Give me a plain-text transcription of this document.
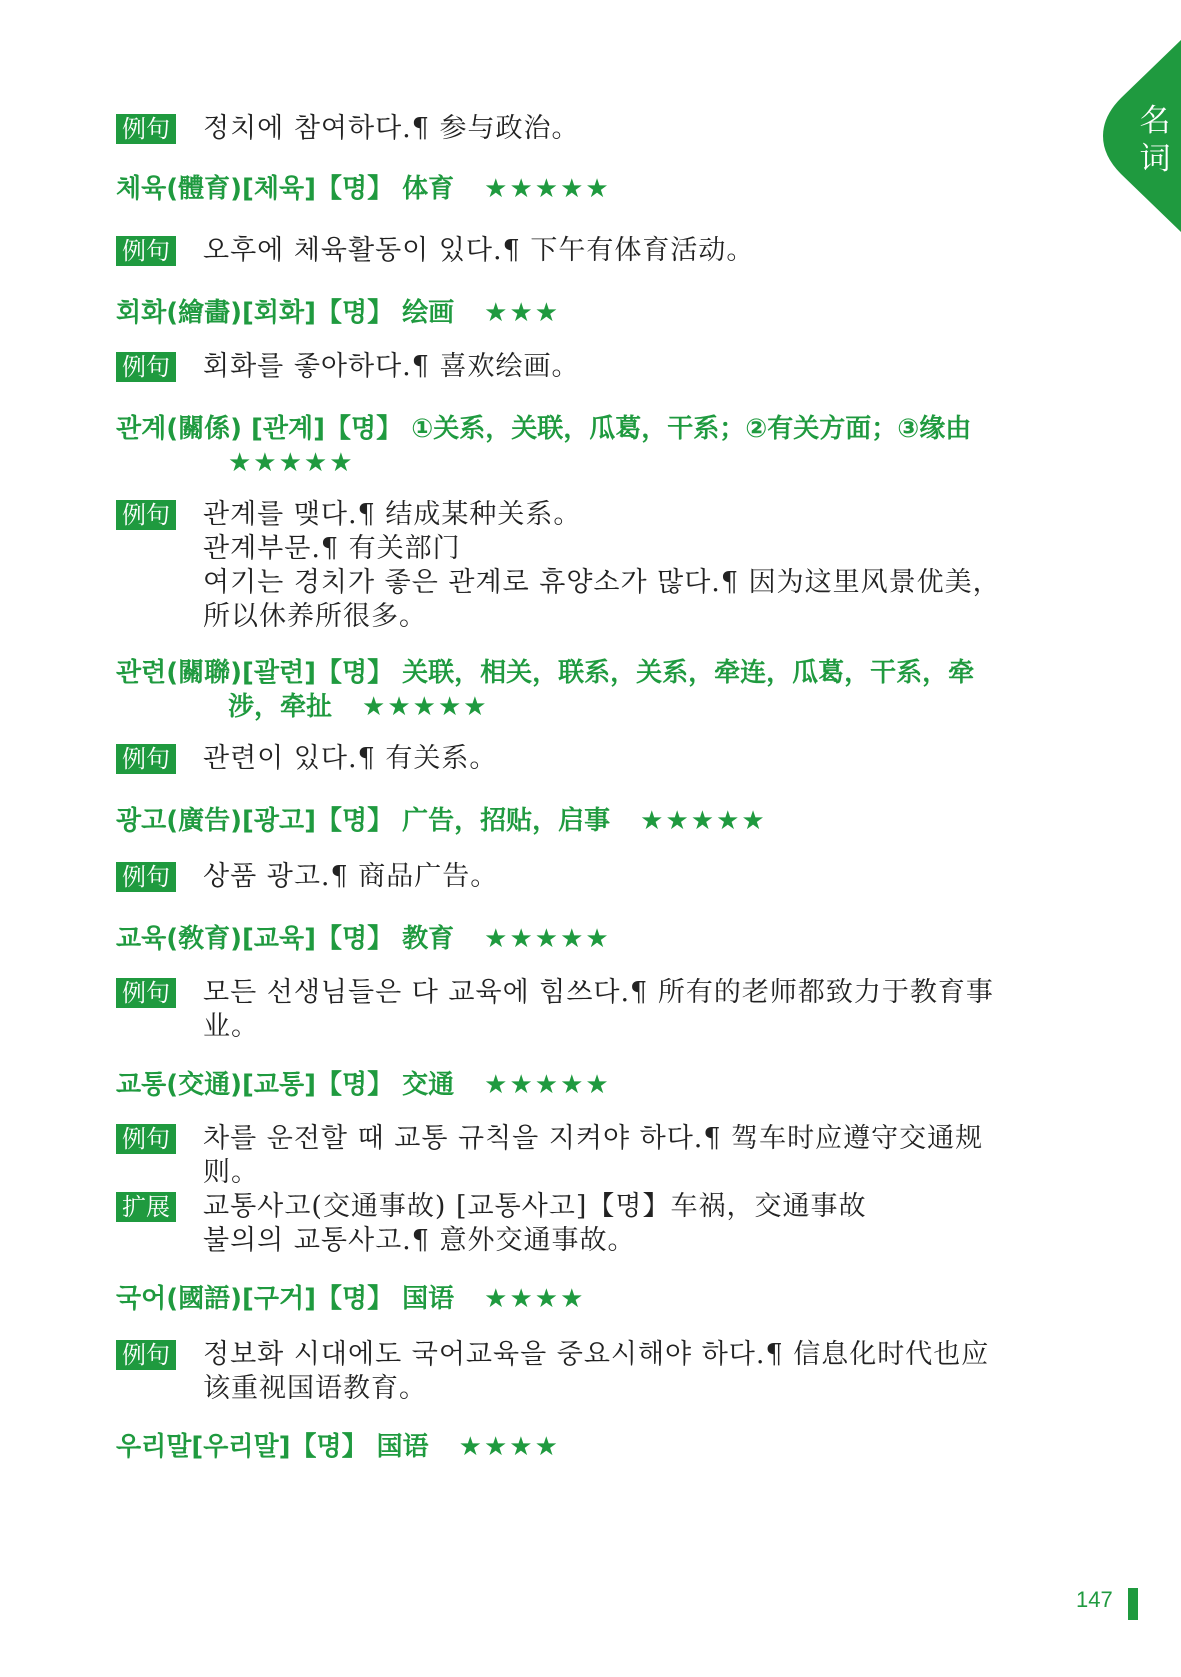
名
词
例句 정치에 참여하다.¶ 参与政治。
체육(體育)[체육]【명】 体育 ★★★★★
例句 오후에 체육활동이 있다.¶ 下午有体育活动。
회화(繪畵)[회화]【명】 绘画 ★★★
例句 회화를 좋아하다.¶ 喜欢绘画。
관계(關係) [관계]【명】 ①关系，关联，瓜葛，干系；②有关方面；③缘由
★★★★★
例句 관계를 맺다.¶ 结成某种关系。
관계부문.¶ 有关部门
여기는 경치가 좋은 관계로 휴양소가 많다.¶ 因为这里风景优美，
所以休养所很多。
관련(關聯)[괄련]【명】 关联，相关，联系，关系，牵连，瓜葛，干系，牵
涉，牵扯 ★★★★★
例句 관련이 있다.¶ 有关系。
광고(廣告)[광고]【명】 广告，招贴，启事 ★★★★★
例句 상품 광고.¶ 商品广告。
교육(敎育)[교육]【명】 教育 ★★★★★
例句 모든 선생님들은 다 교육에 힘쓰다.¶ 所有的老师都致力于教育事
业。
교통(交通)[교통]【명】 交通 ★★★★★
例句 차를 운전할 때 교통 규칙을 지켜야 하다.¶ 驾车时应遵守交通规
则。
扩展 교통사고(交通事故) [교통사고]【명】车祸，交通事故
불의의 교통사고.¶ 意外交通事故。
국어(國語)[구거]【명】 国语 ★★★★
例句 정보화 시대에도 국어교육을 중요시해야 하다.¶ 信息化时代也应
该重视国语教育。
우리말[우리말]【명】 国语 ★★★★
147
